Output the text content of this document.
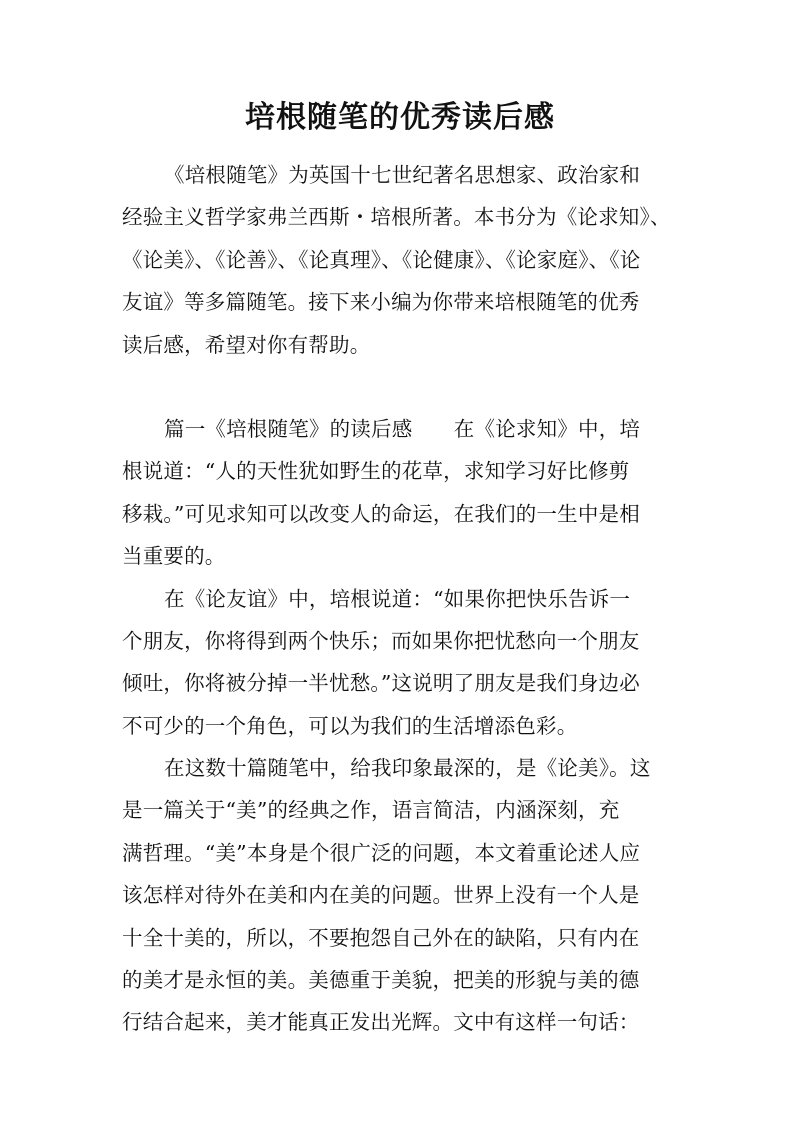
培根随笔的优秀读后感
《培根随笔》为英国十七世纪著名思想家、政治家和
经验主义哲学家弗兰西斯・培根所著。本书分为《论求知》、
《论美》、《论善》、《论真理》、《论健康》、《论家庭》、《论
友谊》等多篇随笔。接下来小编为你带来培根随笔的优秀
读后感，希望对你有帮助。
篇一《培根随笔》的读后感　　在《论求知》中，培
根说道：“人的天性犹如野生的花草，求知学习好比修剪
移栽。”可见求知可以改变人的命运，在我们的一生中是相
当重要的。
在《论友谊》中，培根说道：“如果你把快乐告诉一
个朋友，你将得到两个快乐；而如果你把忧愁向一个朋友
倾吐，你将被分掉一半忧愁。”这说明了朋友是我们身边必
不可少的一个角色，可以为我们的生活增添色彩。
在这数十篇随笔中，给我印象最深的，是《论美》。这
是一篇关于“美”的经典之作，语言简洁，内涵深刻，充
满哲理。“美”本身是个很广泛的问题，本文着重论述人应
该怎样对待外在美和内在美的问题。世界上没有一个人是
十全十美的，所以，不要抱怨自己外在的缺陷，只有内在
的美才是永恒的美。美德重于美貌，把美的形貌与美的德
行结合起来，美才能真正发出光辉。文中有这样一句话：
